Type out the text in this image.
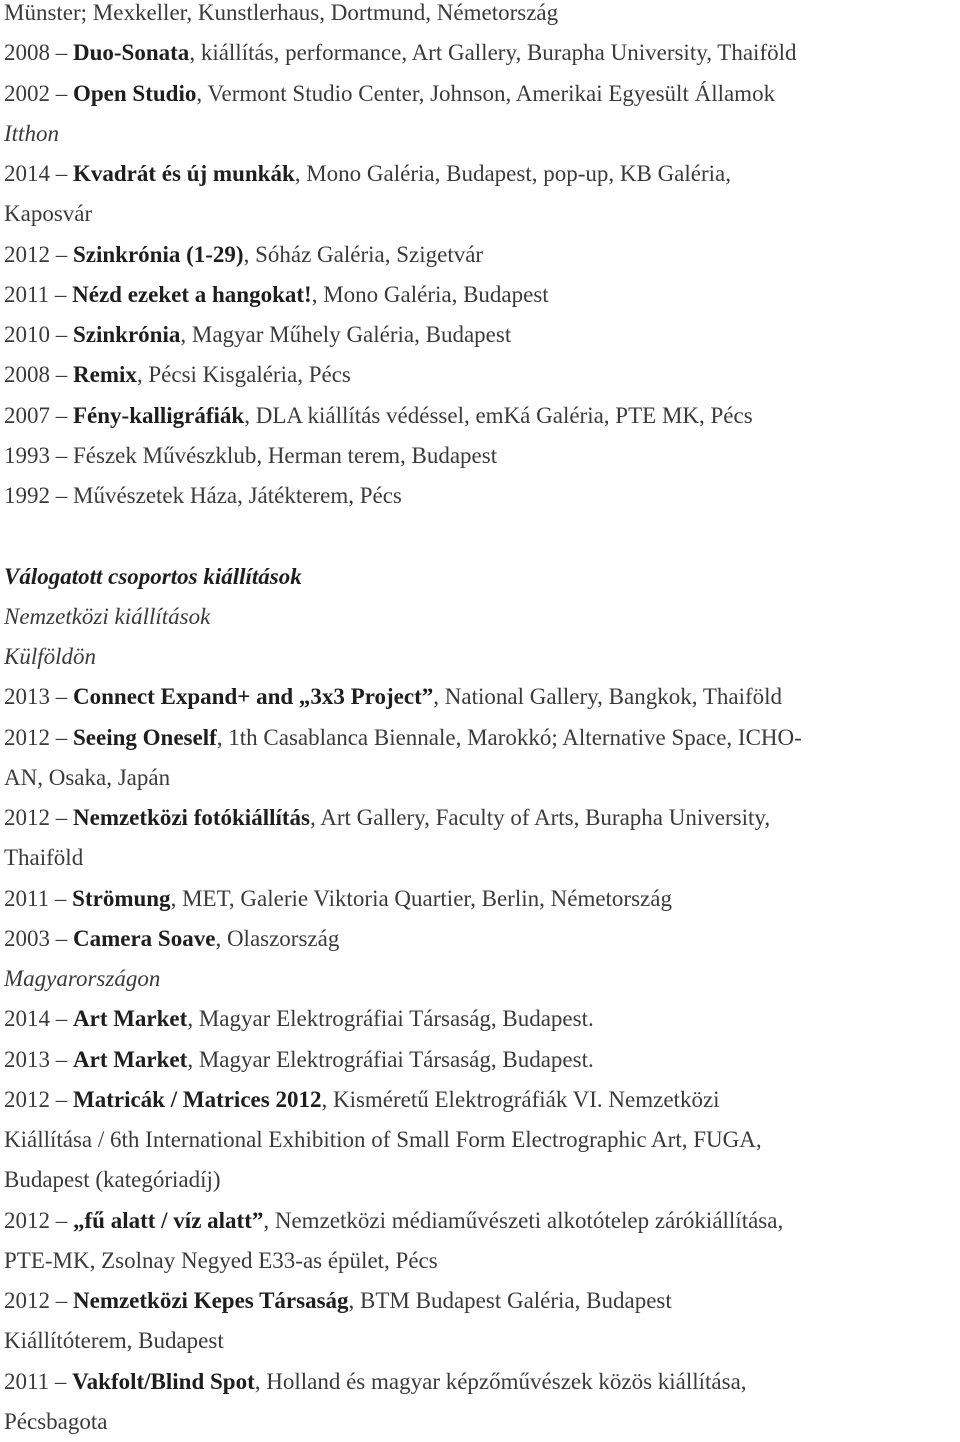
Münster; Mexkeller, Kunstlerhaus, Dortmund, Németország
2008 – Duo-Sonata, kiállítás, performance, Art Gallery, Burapha University, Thaiföld
2002 – Open Studio, Vermont Studio Center, Johnson, Amerikai Egyesült Államok
Itthon
2014 – Kvadrát és új munkák, Mono Galéria, Budapest, pop-up, KB Galéria,
Kaposvár
2012 – Szinkrónia (1-29), Sóház Galéria, Szigetvár
2011 – Nézd ezeket a hangokat!, Mono Galéria, Budapest
2010 – Szinkrónia, Magyar Műhely Galéria, Budapest
2008 – Remix, Pécsi Kisgaléria, Pécs
2007 – Fény-kalligráfiák, DLA kiállítás védéssel, emKá Galéria, PTE MK, Pécs
1993 – Fészek Művészklub, Herman terem, Budapest
1992 – Művészetek Háza, Játékterem, Pécs
Válogatott csoportos kiállítások
Nemzetközi kiállítások
Külföldön
2013 – Connect Expand+ and „3x3 Project”, National Gallery, Bangkok, Thaiföld
2012 – Seeing Oneself, 1th Casablanca Biennale, Marokkó; Alternative Space, ICHO-
AN, Osaka, Japán
2012 – Nemzetközi fotókiállítás, Art Gallery, Faculty of Arts, Burapha University,
Thaiföld
2011 – Strömung, MET, Galerie Viktoria Quartier, Berlin, Németország
2003 – Camera Soave, Olaszország
Magyarországon
2014 – Art Market, Magyar Elektrográfiai Társaság, Budapest.
2013 – Art Market, Magyar Elektrográfiai Társaság, Budapest.
2012 – Matricák / Matrices 2012, Kisméretű Elektrográfiák VI. Nemzetközi
Kiállítása / 6th International Exhibition of Small Form Electrographic Art, FUGA,
Budapest (kategóriadíj)
2012 – „fű alatt / víz alatt”, Nemzetközi médiaművészeti alkotótelep zárókiállítása,
PTE-MK, Zsolnay Negyed E33-as épület, Pécs
2012 – Nemzetközi Kepes Társaság, BTM Budapest Galéria, Budapest
Kiállítóterem, Budapest
2011 – Vakfolt/Blind Spot, Holland és magyar képzőművészek közös kiállítása,
Pécsbagota
